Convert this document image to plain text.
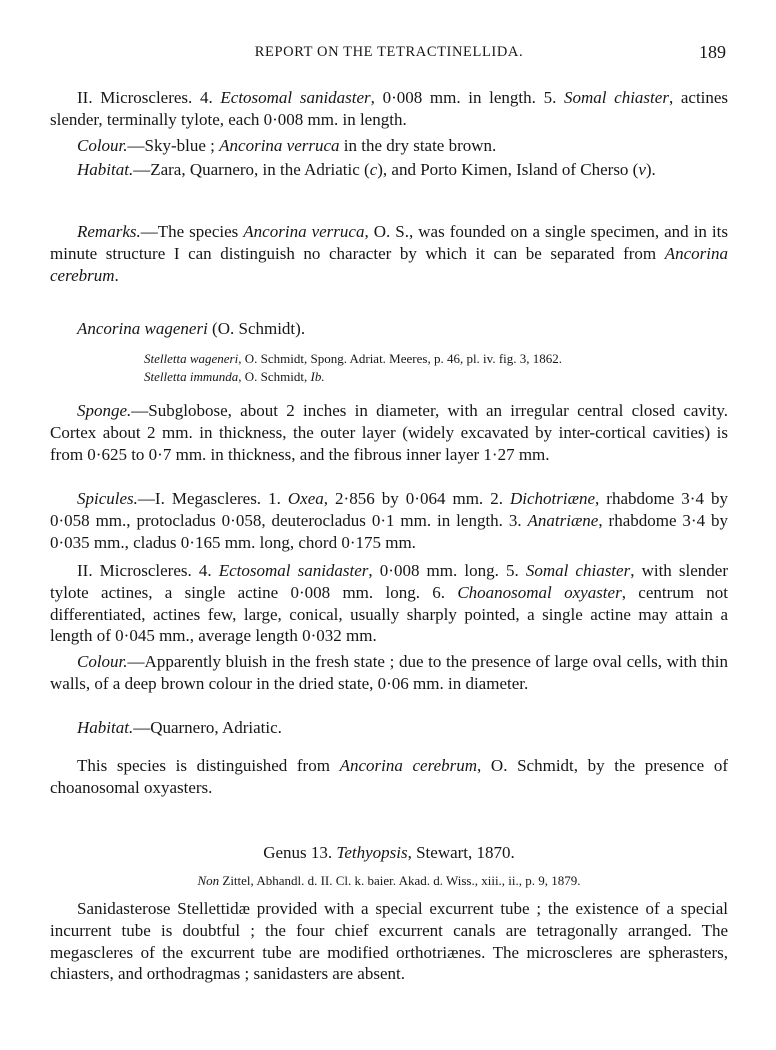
REPORT ON THE TETRACTINELLIDA.	189

II. Microscleres. 4. Ectosomal sanidaster, 0·008 mm. in length. 5. Somal chiaster, actines slender, terminally tylote, each 0·008 mm. in length.

Colour.—Sky-blue ; Ancorina verruca in the dry state brown.

Habitat.—Zara, Quarnero, in the Adriatic (c), and Porto Kimen, Island of Cherso (v).

Remarks.—The species Ancorina verruca, O. S., was founded on a single specimen, and in its minute structure I can distinguish no character by which it can be separated from Ancorina cerebrum.

Ancorina wageneri (O. Schmidt).

Stelletta wageneri, O. Schmidt, Spong. Adriat. Meeres, p. 46, pl. iv. fig. 3, 1862.
Stelletta immunda, O. Schmidt, Ib.

Sponge.—Subglobose, about 2 inches in diameter, with an irregular central closed cavity. Cortex about 2 mm. in thickness, the outer layer (widely excavated by inter-cortical cavities) is from 0·625 to 0·7 mm. in thickness, and the fibrous inner layer 1·27 mm.

Spicules.—I. Megascleres. 1. Oxea, 2·856 by 0·064 mm. 2. Dichotriæne, rhabdome 3·4 by 0·058 mm., protocladus 0·058, deuterocladus 0·1 mm. in length. 3. Anatriæne, rhabdome 3·4 by 0·035 mm., cladus 0·165 mm. long, chord 0·175 mm.

II. Microscleres. 4. Ectosomal sanidaster, 0·008 mm. long. 5. Somal chiaster, with slender tylote actines, a single actine 0·008 mm. long. 6. Choanosomal oxyaster, centrum not differentiated, actines few, large, conical, usually sharply pointed, a single actine may attain a length of 0·045 mm., average length 0·032 mm.

Colour.—Apparently bluish in the fresh state ; due to the presence of large oval cells, with thin walls, of a deep brown colour in the dried state, 0·06 mm. in diameter.

Habitat.—Quarnero, Adriatic.

This species is distinguished from Ancorina cerebrum, O. Schmidt, by the presence of choanosomal oxyasters.

Genus 13. Tethyopsis, Stewart, 1870.

Non Zittel, Abhandl. d. II. Cl. k. baier. Akad. d. Wiss., xiii., ii., p. 9, 1879.

Sanidasterose Stellettidæ provided with a special excurrent tube ; the existence of a special incurrent tube is doubtful ; the four chief excurrent canals are tetragonally arranged. The megascleres of the excurrent tube are modified orthotriænes. The microscleres are spherasters, chiasters, and orthodragmas ; sanidasters are absent.
